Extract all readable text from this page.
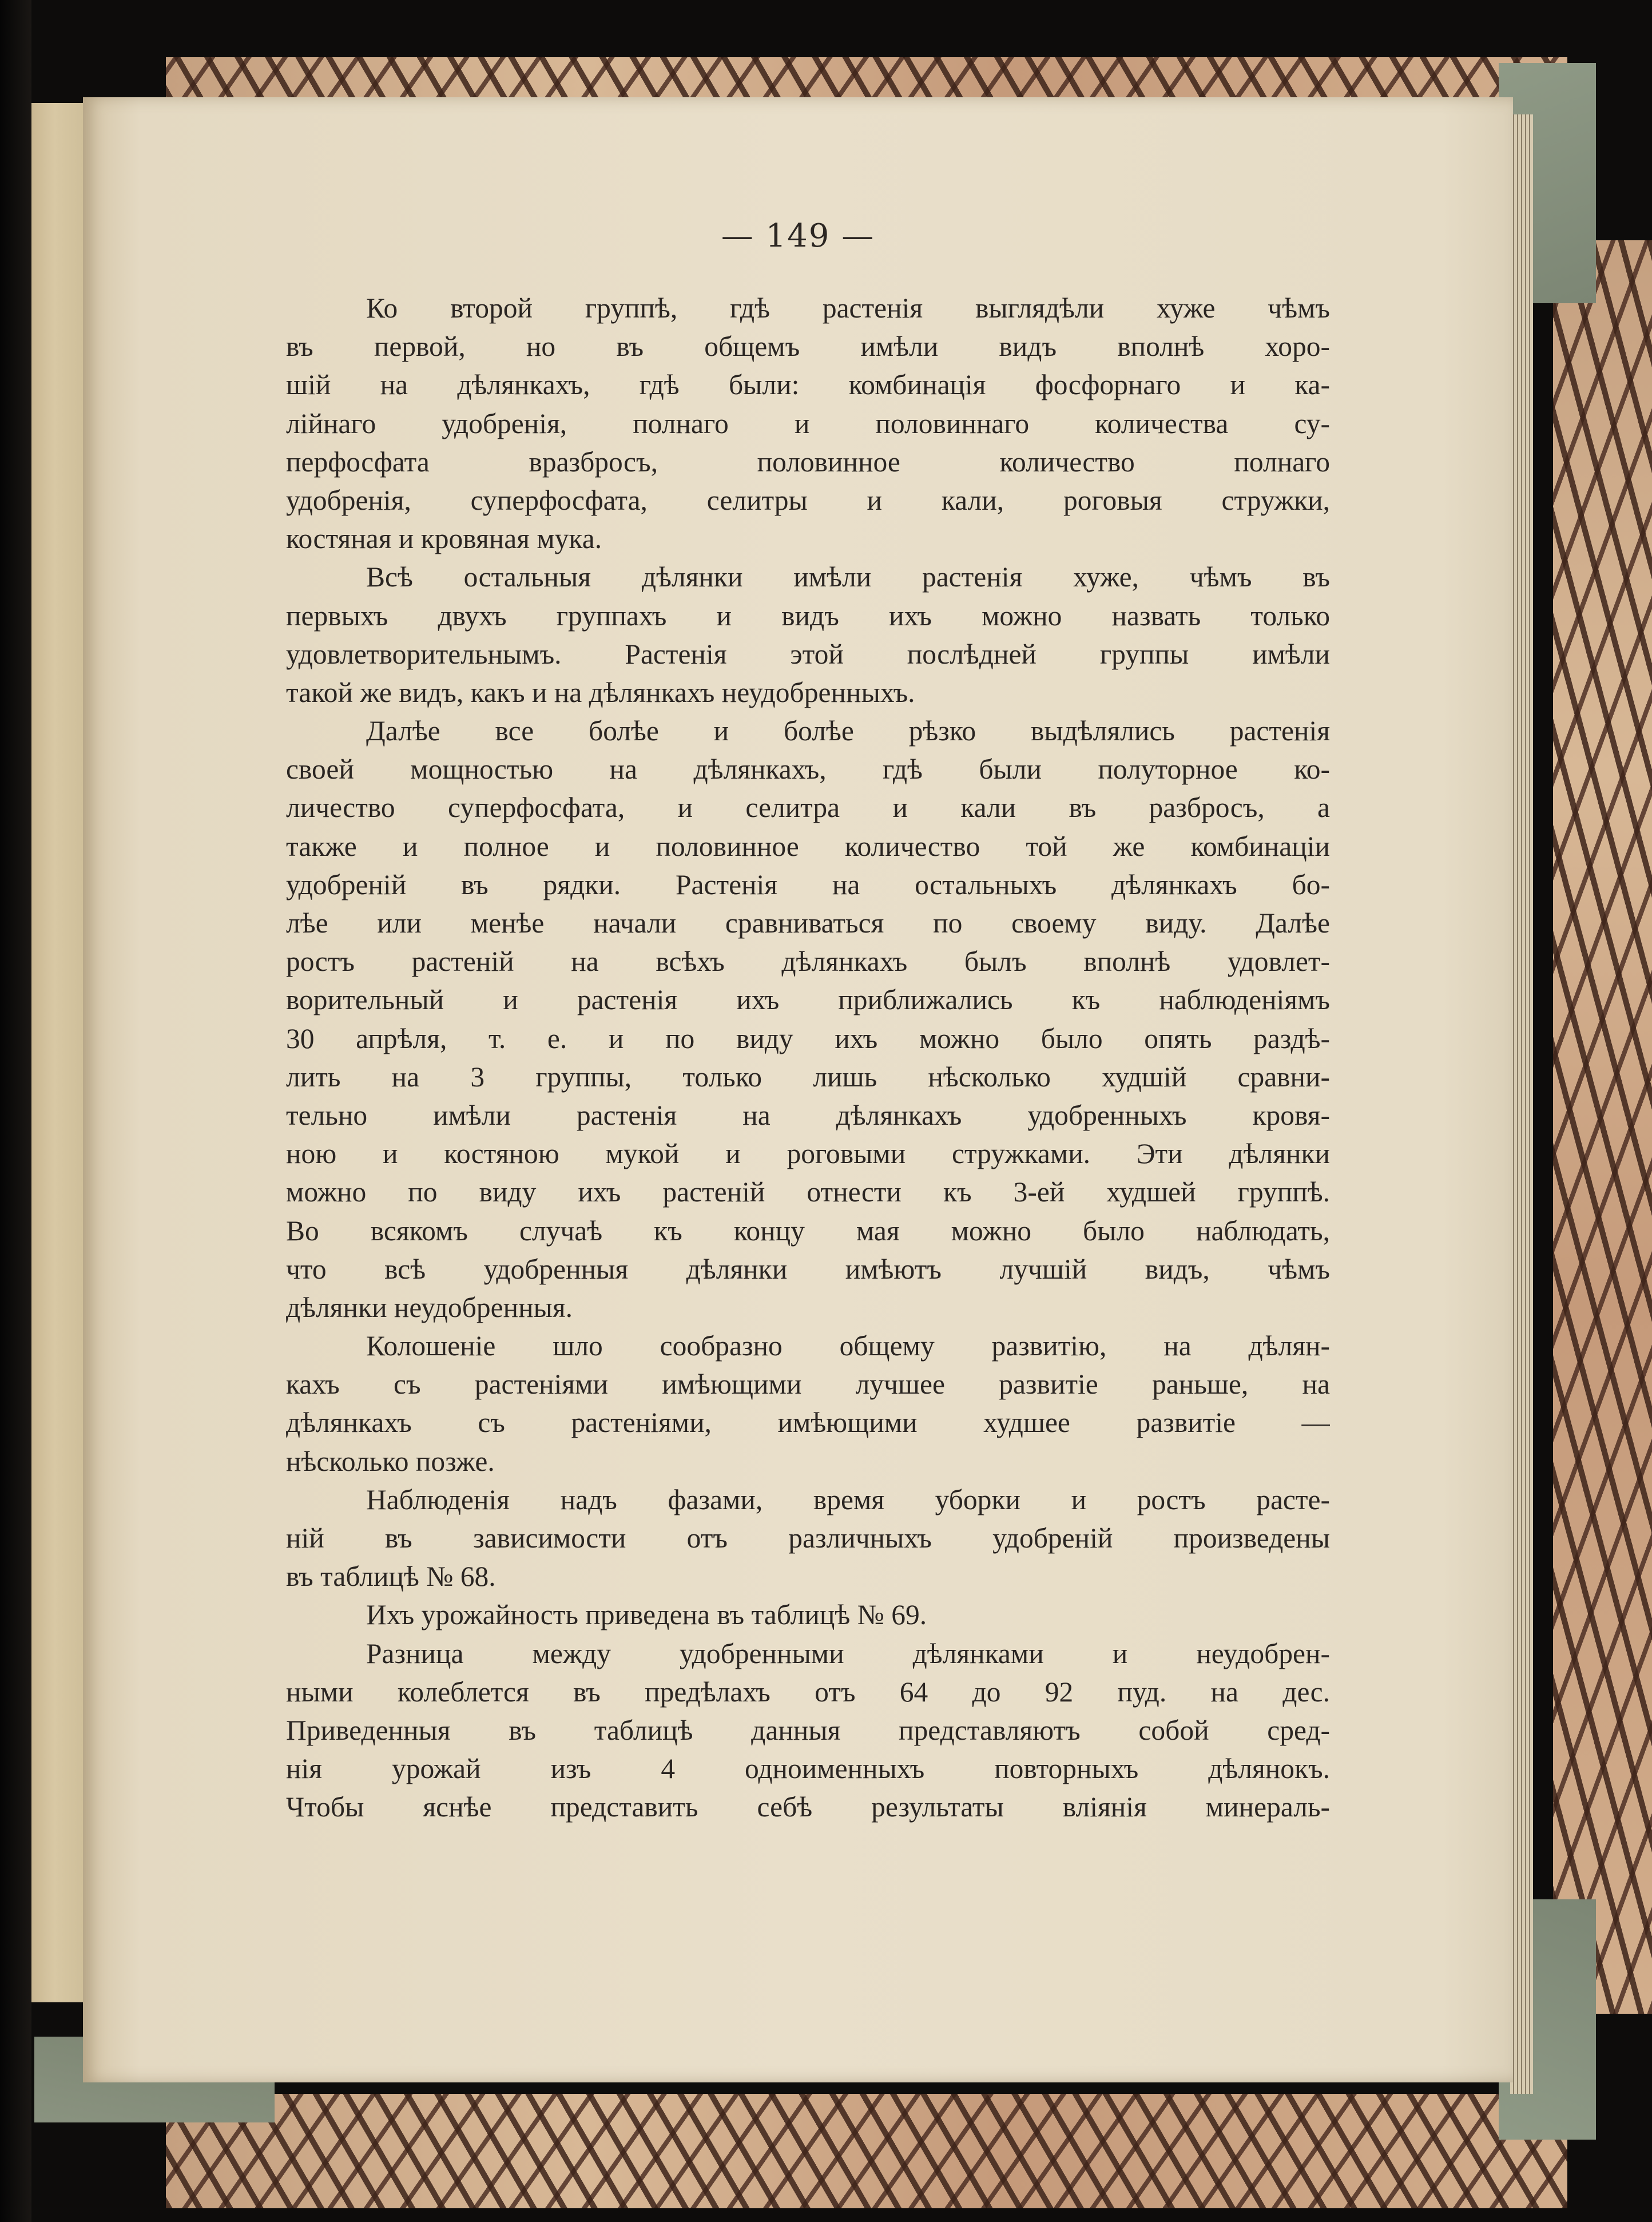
— 149 —
Ко второй группѣ, гдѣ растенія выглядѣли хуже чѣмъ
въ первой, но въ общемъ имѣли видъ вполнѣ хоро-
шій на дѣлянкахъ, гдѣ были: комбинація фосфорнаго и ка-
лійнаго удобренія, полнаго и половиннаго количества су-
перфосфата вразбросъ, половинное количество полнаго
удобренія, суперфосфата, селитры и кали, роговыя стружки,
костяная и кровяная мука.
Всѣ остальныя дѣлянки имѣли растенія хуже, чѣмъ въ
первыхъ двухъ группахъ и видъ ихъ можно назвать только
удовлетворительнымъ. Растенія этой послѣдней группы имѣли
такой же видъ, какъ и на дѣлянкахъ неудобренныхъ.
Далѣе все болѣе и болѣе рѣзко выдѣлялись растенія
своей мощностью на дѣлянкахъ, гдѣ были полуторное ко-
личество суперфосфата, и селитра и кали въ разбросъ, а
также и полное и половинное количество той же комбинаціи
удобреній въ рядки. Растенія на остальныхъ дѣлянкахъ бо-
лѣе или менѣе начали сравниваться по своему виду. Далѣе
ростъ растеній на всѣхъ дѣлянкахъ былъ вполнѣ удовлет-
ворительный и растенія ихъ приближались къ наблюденіямъ
30 апрѣля, т. е. и по виду ихъ можно было опять раздѣ-
лить на 3 группы, только лишь нѣсколько худшій сравни-
тельно имѣли растенія на дѣлянкахъ удобренныхъ кровя-
ною и костяною мукой и роговыми стружками. Эти дѣлянки
можно по виду ихъ растеній отнести къ 3-ей худшей группѣ.
Во всякомъ случаѣ къ концу мая можно было наблюдать,
что всѣ удобренныя дѣлянки имѣютъ лучшій видъ, чѣмъ
дѣлянки неудобренныя.
Колошеніе шло сообразно общему развитію, на дѣлян-
кахъ съ растеніями имѣющими лучшее развитіе раньше, на
дѣлянкахъ съ растеніями, имѣющими худшее развитіе —
нѣсколько позже.
Наблюденія надъ фазами, время уборки и ростъ расте-
ній въ зависимости отъ различныхъ удобреній произведены
въ таблицѣ № 68.
Ихъ урожайность приведена въ таблицѣ № 69.
Разница между удобренными дѣлянками и неудобрен-
ными колеблется въ предѣлахъ отъ 64 до 92 пуд. на дес.
Приведенныя въ таблицѣ данныя представляютъ собой сред-
нія урожай изъ 4 одноименныхъ повторныхъ дѣлянокъ.
Чтобы яснѣе представить себѣ результаты вліянія минераль-
